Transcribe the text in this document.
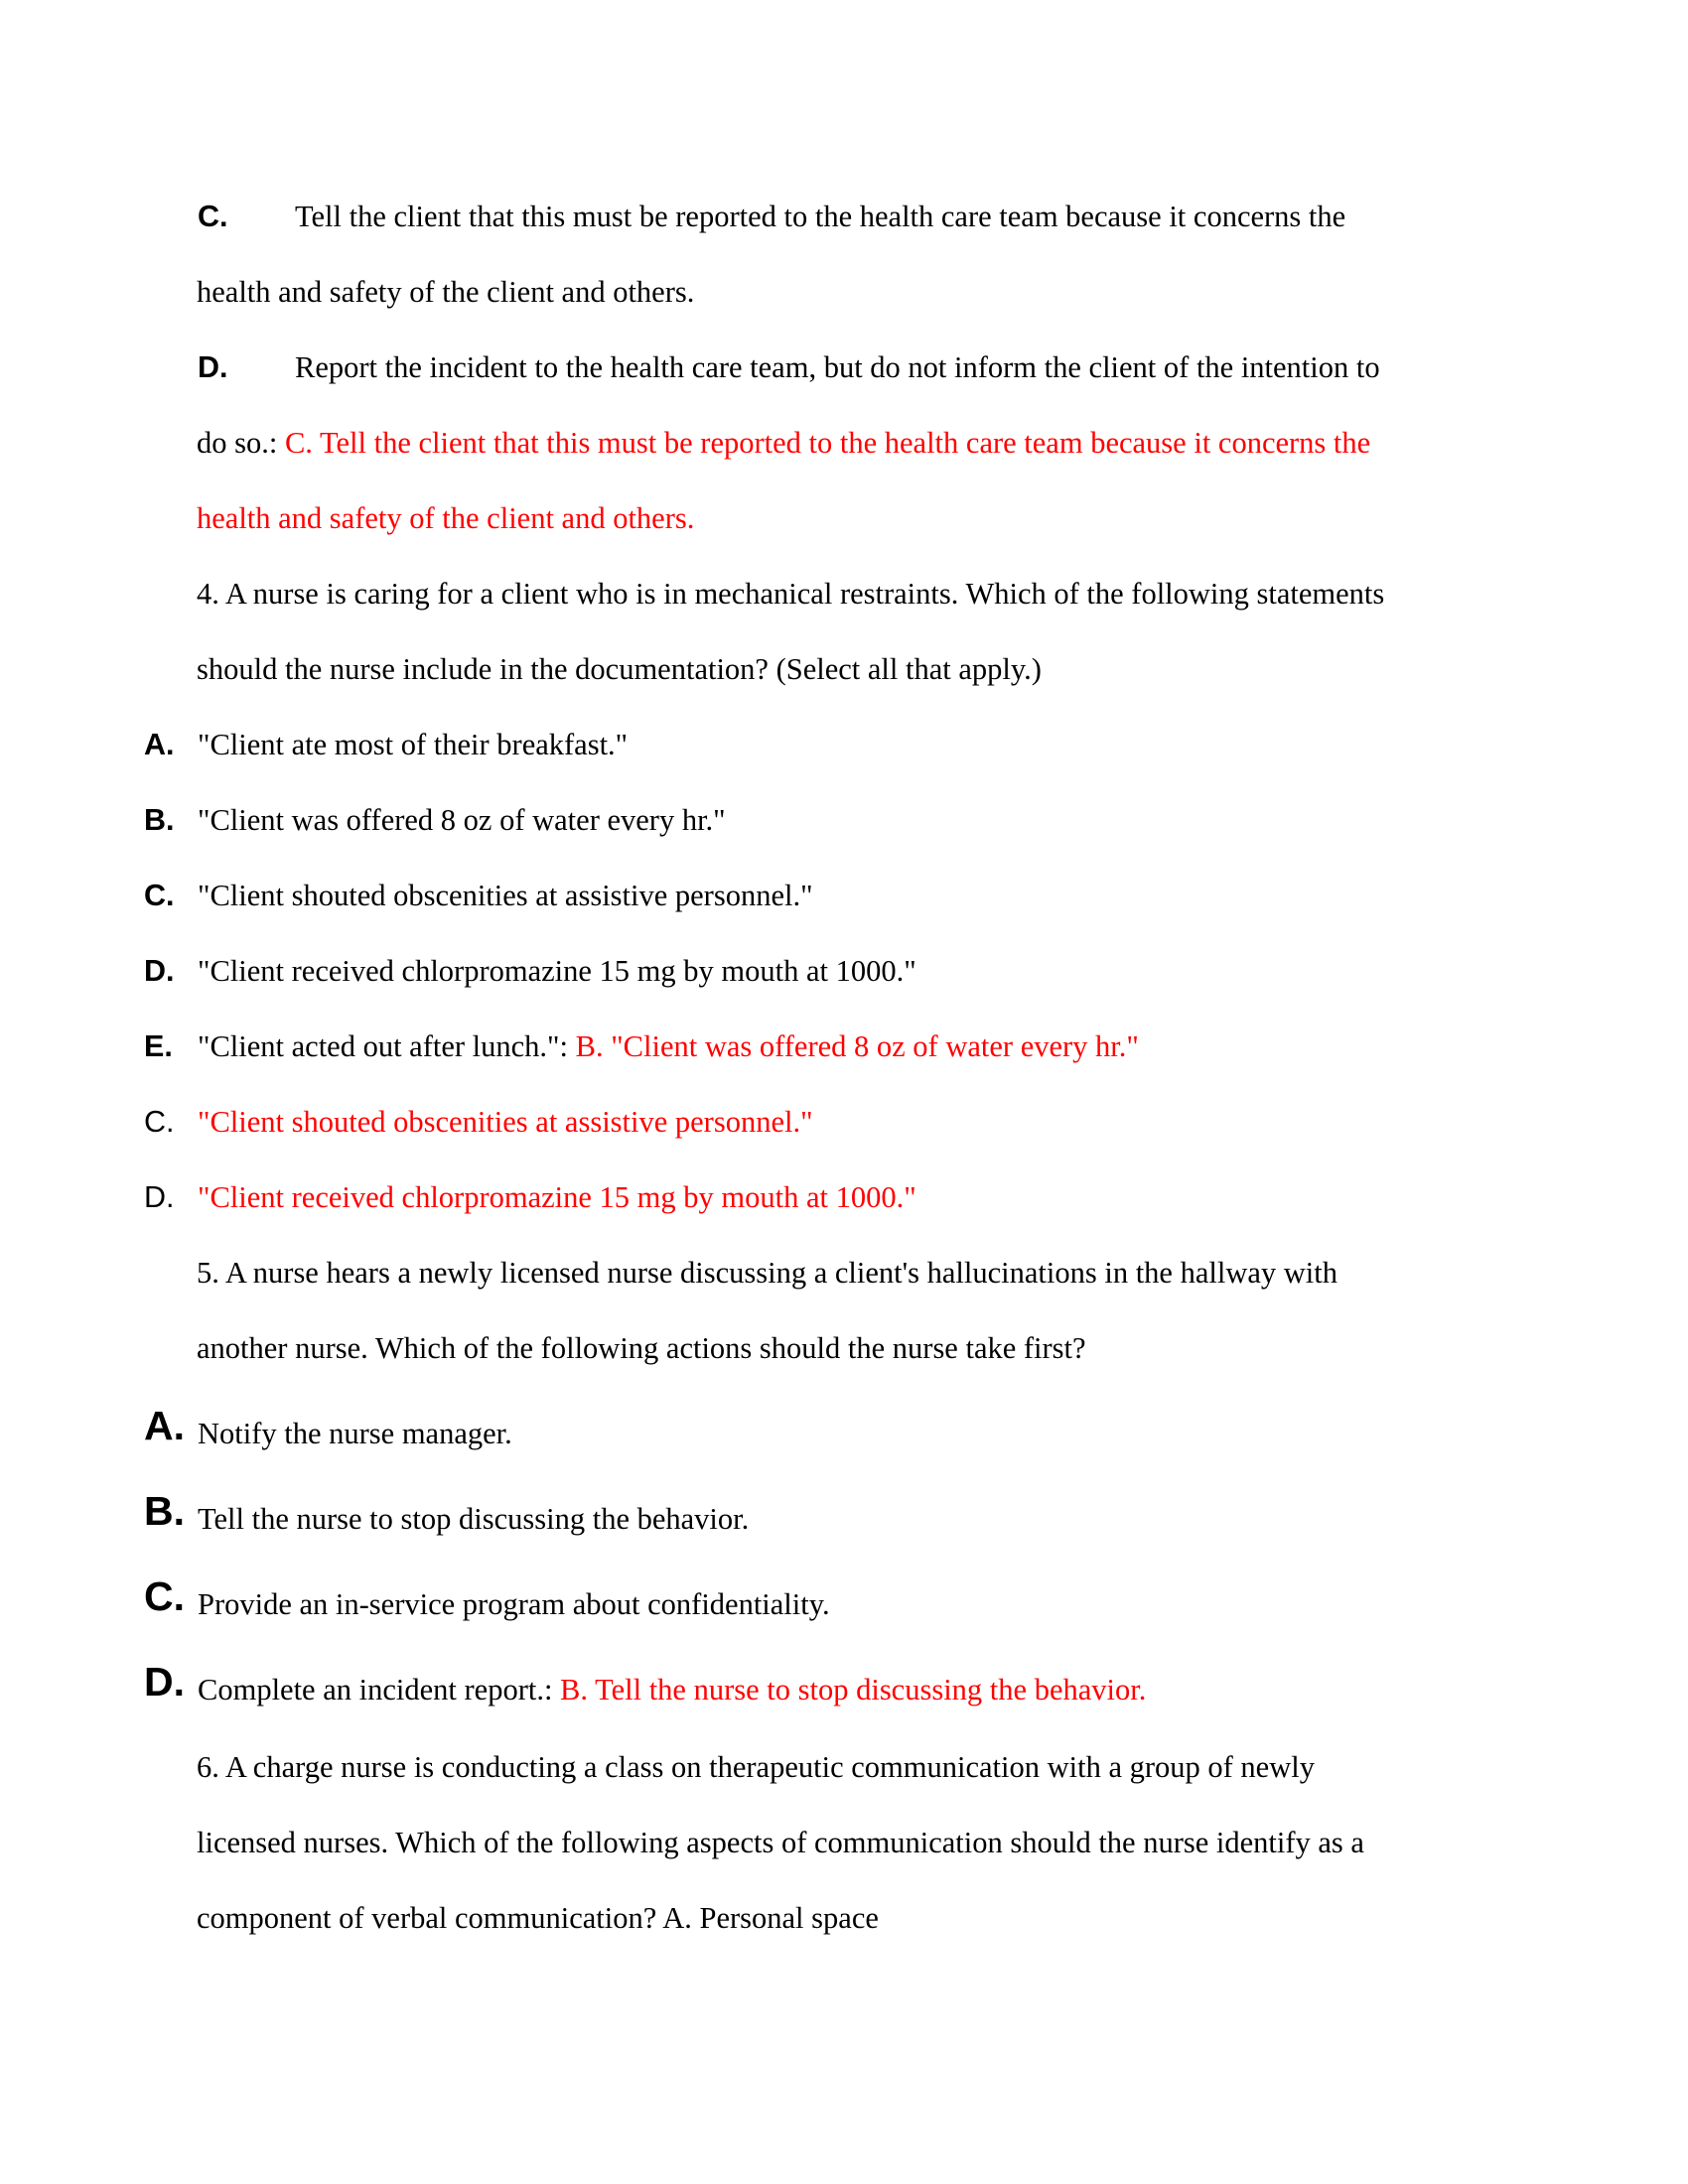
C. Tell the client that this must be reported to the health care team because it concerns the
health and safety of the client and others.
D. Report the incident to the health care team, but do not inform the client of the intention to
do so.: C. Tell the client that this must be reported to the health care team because it concerns the
health and safety of the client and others.
4. A nurse is caring for a client who is in mechanical restraints. Which of the following statements
should the nurse include in the documentation? (Select all that apply.)
A. "Client ate most of their breakfast."
B. "Client was offered 8 oz of water every hr."
C. "Client shouted obscenities at assistive personnel."
D. "Client received chlorpromazine 15 mg by mouth at 1000."
E. "Client acted out after lunch.": B. "Client was offered 8 oz of water every hr."
C. "Client shouted obscenities at assistive personnel."
D. "Client received chlorpromazine 15 mg by mouth at 1000."
5. A nurse hears a newly licensed nurse discussing a client's hallucinations in the hallway with
another nurse. Which of the following actions should the nurse take first?
A. Notify the nurse manager.
B. Tell the nurse to stop discussing the behavior.
C. Provide an in-service program about confidentiality.
D. Complete an incident report.: B. Tell the nurse to stop discussing the behavior.
6. A charge nurse is conducting a class on therapeutic communication with a group of newly
licensed nurses. Which of the following aspects of communication should the nurse identify as a
component of verbal communication? A. Personal space
